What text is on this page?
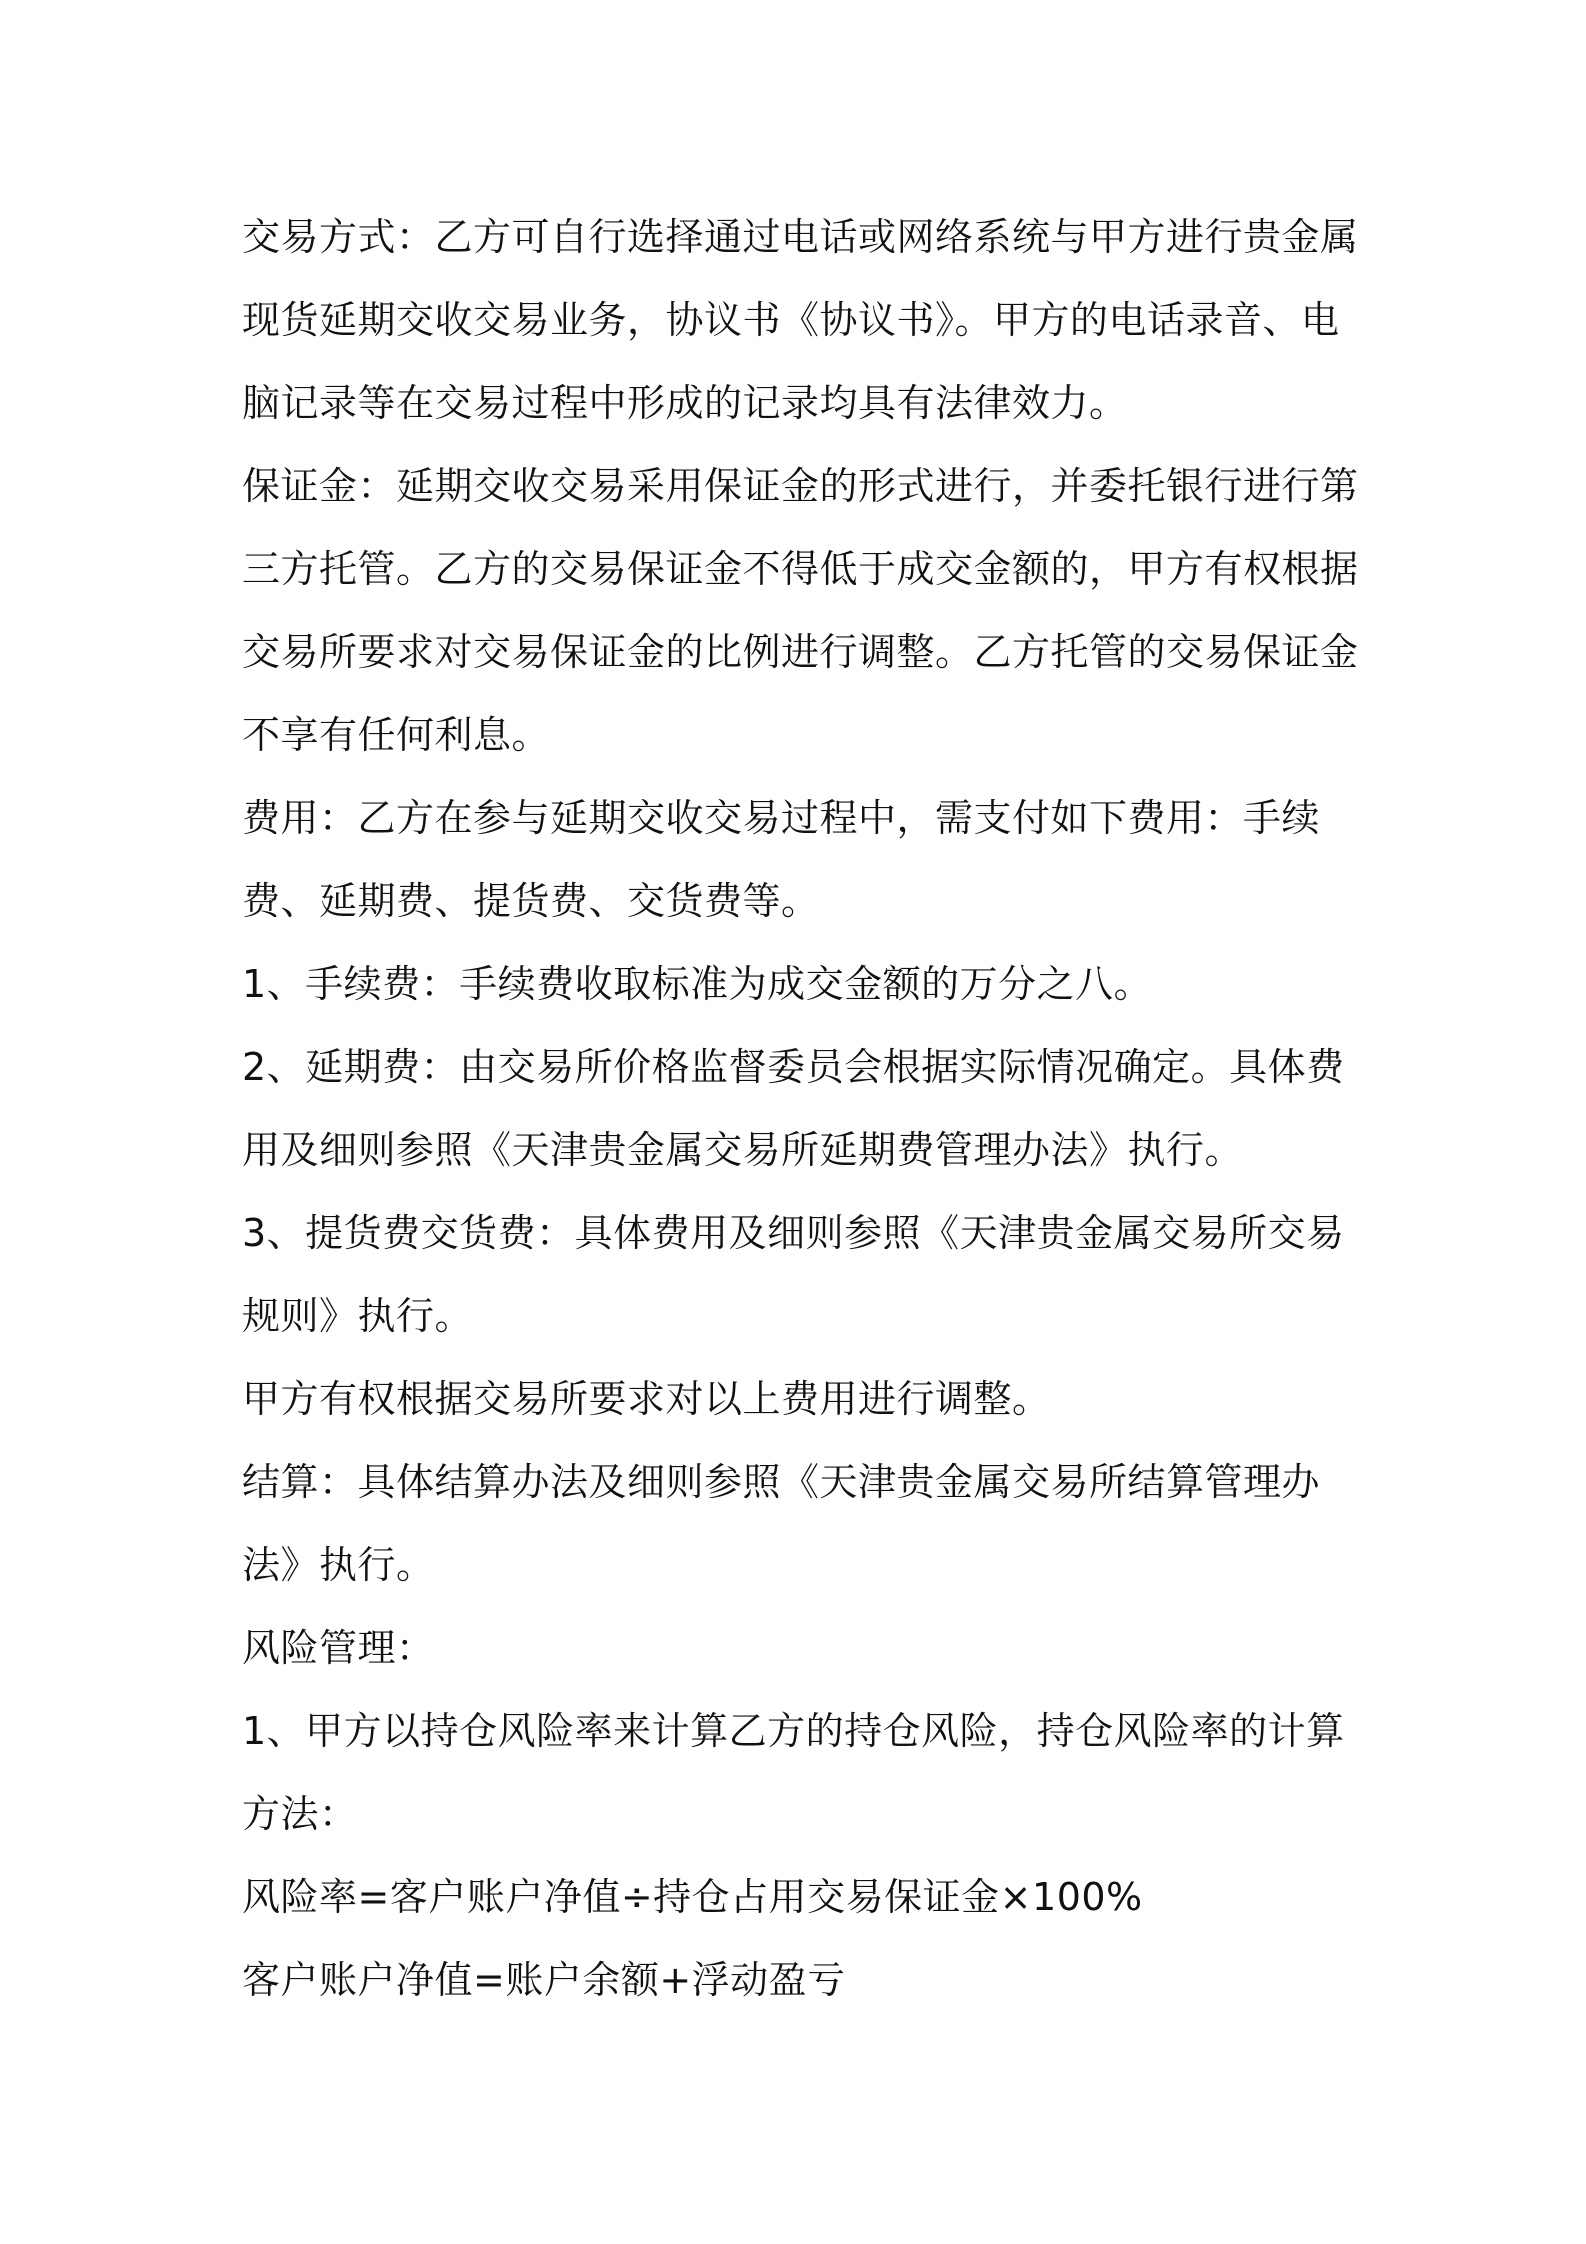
交易方式：乙方可自行选择通过电话或网络系统与甲方进行贵金属现货延期交收交易业务，协议书《协议书》。甲方的电话录音、电脑记录等在交易过程中形成的记录均具有法律效力。

保证金：延期交收交易采用保证金的形式进行，并委托银行进行第三方托管。乙方的交易保证金不得低于成交金额的，甲方有权根据交易所要求对交易保证金的比例进行调整。乙方托管的交易保证金不享有任何利息。

费用：乙方在参与延期交收交易过程中，需支付如下费用：手续费、延期费、提货费、交货费等。

1、手续费：手续费收取标准为成交金额的万分之八。

2、延期费：由交易所价格监督委员会根据实际情况确定。具体费用及细则参照《天津贵金属交易所延期费管理办法》执行。

3、提货费交货费：具体费用及细则参照《天津贵金属交易所交易规则》执行。

甲方有权根据交易所要求对以上费用进行调整。

结算：具体结算办法及细则参照《天津贵金属交易所结算管理办法》执行。

风险管理：

1、甲方以持仓风险率来计算乙方的持仓风险，持仓风险率的计算方法：

风险率=客户账户净值÷持仓占用交易保证金×100%

客户账户净值=账户余额+浮动盈亏
